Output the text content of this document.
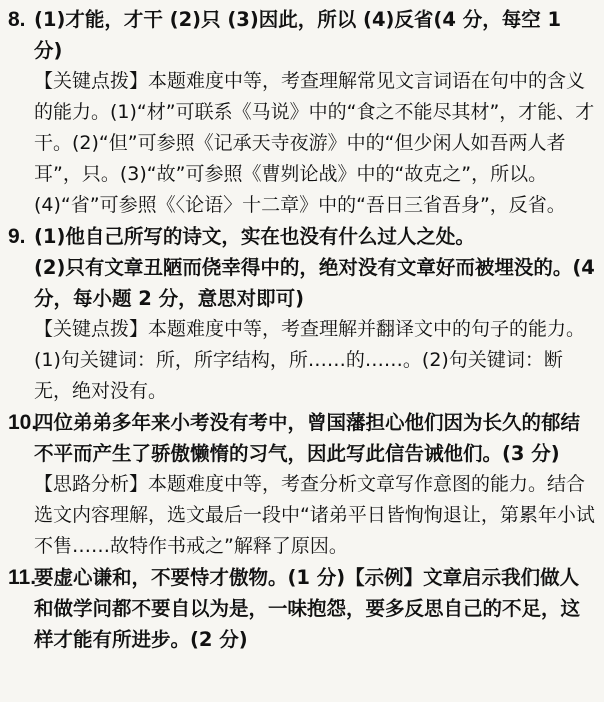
8. (1)才能，才干 (2)只 (3)因此，所以 (4)反省(4 分，每空 1 分)
【关键点拨】本题难度中等，考查理解常见文言词语在句中的含义的能力。(1)“材”可联系《马说》中的“食之不能尽其材”，才能、才干。(2)“但”可参照《记承天寺夜游》中的“但少闲人如吾两人者耳”，只。(3)“故”可参照《曹刿论战》中的“故克之”，所以。(4)“省”可参照《〈论语〉十二章》中的“吾日三省吾身”，反省。
9. (1)他自己所写的诗文，实在也没有什么过人之处。
(2)只有文章丑陋而侥幸得中的，绝对没有文章好而被埋没的。(4 分，每小题 2 分，意思对即可)
【关键点拨】本题难度中等，考查理解并翻译文中的句子的能力。(1)句关键词：所，所字结构，所……的……。(2)句关键词：断无，绝对没有。
10.
四位弟弟多年来小考没有考中，曾国藩担心他们因为长久的郁结不平而产生了骄傲懒惰的习气，因此写此信告诫他们。(3 分)
【思路分析】本题难度中等，考查分析文章写作意图的能力。结合选文内容理解，选文最后一段中“诸弟平日皆恂恂退让，第累年小试不售……故特作书戒之”解释了原因。
11.
要虚心谦和，不要恃才傲物。(1 分)【示例】文章启示我们做人和做学问都不要自以为是，一味抱怨，要多反思自己的不足，这样才能有所进步。(2 分)
